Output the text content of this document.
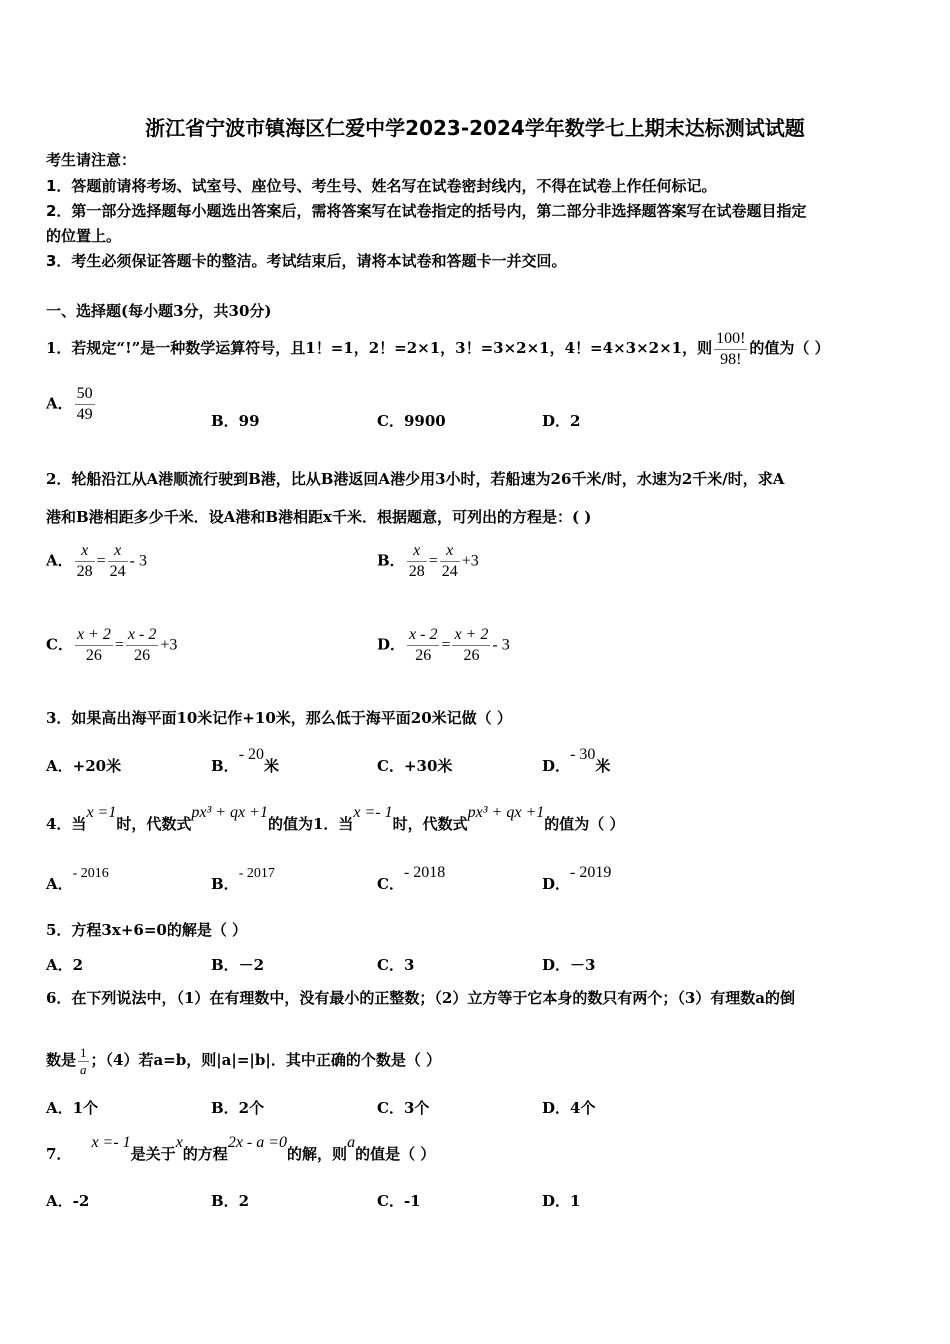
浙江省宁波市镇海区仁爱中学2023-2024学年数学七上期末达标测试试题
考生请注意：
1．答题前请将考场、试室号、座位号、考生号、姓名写在试卷密封线内，不得在试卷上作任何标记。
2．第一部分选择题每小题选出答案后，需将答案写在试卷指定的括号内，第二部分非选择题答案写在试卷题目指定
的位置上。
3．考生必须保证答题卡的整洁。考试结束后，请将本试卷和答题卡一并交回。
一、选择题(每小题3分，共30分)
1．若规定“!”是一种数学运算符号，且1！=1，2！=2×1，3！=3×2×1，4！=4×3×2×1，则 $\frac{100!}{98!}$ 的值为（ ）
A． $\frac{50}{49}$	B．99	C．9900	D．2
2．轮船沿江从A港顺流行驶到B港，比从B港返回A港少用3小时，若船速为26千米/时，水速为2千米/时，求A
港和B港相距多少千米．设A港和B港相距x千米．根据题意，可列出的方程是：( )
A． $\frac{x}{28} = \frac{x}{24} - 3$	B． $\frac{x}{28} = \frac{x}{24} +3$
C． $\frac{x + 2}{26} = \frac{x - 2}{26} +3$	D． $\frac{x - 2}{26} = \frac{x + 2}{26} - 3$
3．如果高出海平面10米记作+10米，那么低于海平面20米记做（ ）
A．+20米	B．- 20米	C．+30米	D．- 30米
4．当x =1时，代数式px³ + qx +1的值为1．当x =- 1时，代数式px³ + qx +1的值为（ ）
A．- 2016
B．- 2017
C．- 2018
D．- 2019
5．方程3x+6=0的解是（ ）
A．2	B．－2	C．3	D．－3
6．在下列说法中，（1）在有理数中，没有最小的正整数；（2）立方等于它本身的数只有两个；（3）有理数a的倒
数是 $\frac{1}{a}$ ；（4）若a=b，则|a|=|b|．其中正确的个数是（ ）
A．1个	B．2个	C．3个	D．4个
7．x =- 1是关于x的方程2x - a =0的解，则a的值是（ ）
A．-2	B．2	C．-1	D．1
